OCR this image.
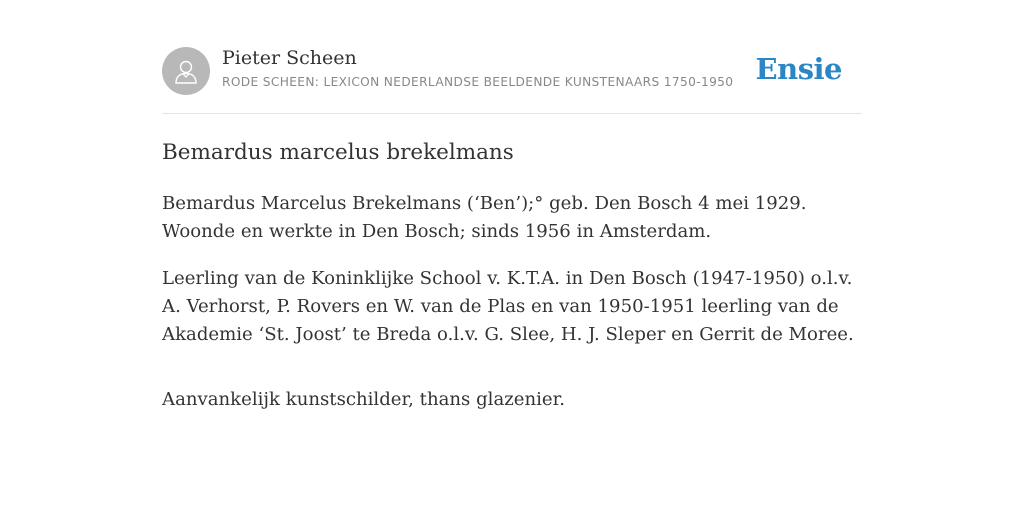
Pieter Scheen
RODE SCHEEN: LEXICON NEDERLANDSE BEELDENDE KUNSTENAARS 1750-1950 Ensie
Bemardus marcelus brekelmans

Bemardus Marcelus Brekelmans (‘Ben’);° geb. Den Bosch 4 mei 1929. Woonde en werkte in Den Bosch; sinds 1956 in Amsterdam.

Leerling van de Koninklijke School v. K.T.A. in Den Bosch (1947-1950) o.l.v. A. Verhorst, P. Rovers en W. van de Plas en van 1950-1951 leerling van de Akademie ‘St. Joost’ te Breda o.l.v. G. Slee, H. J. Sleper en Gerrit de Moree.

Aanvankelijk kunstschilder, thans glazenier.
